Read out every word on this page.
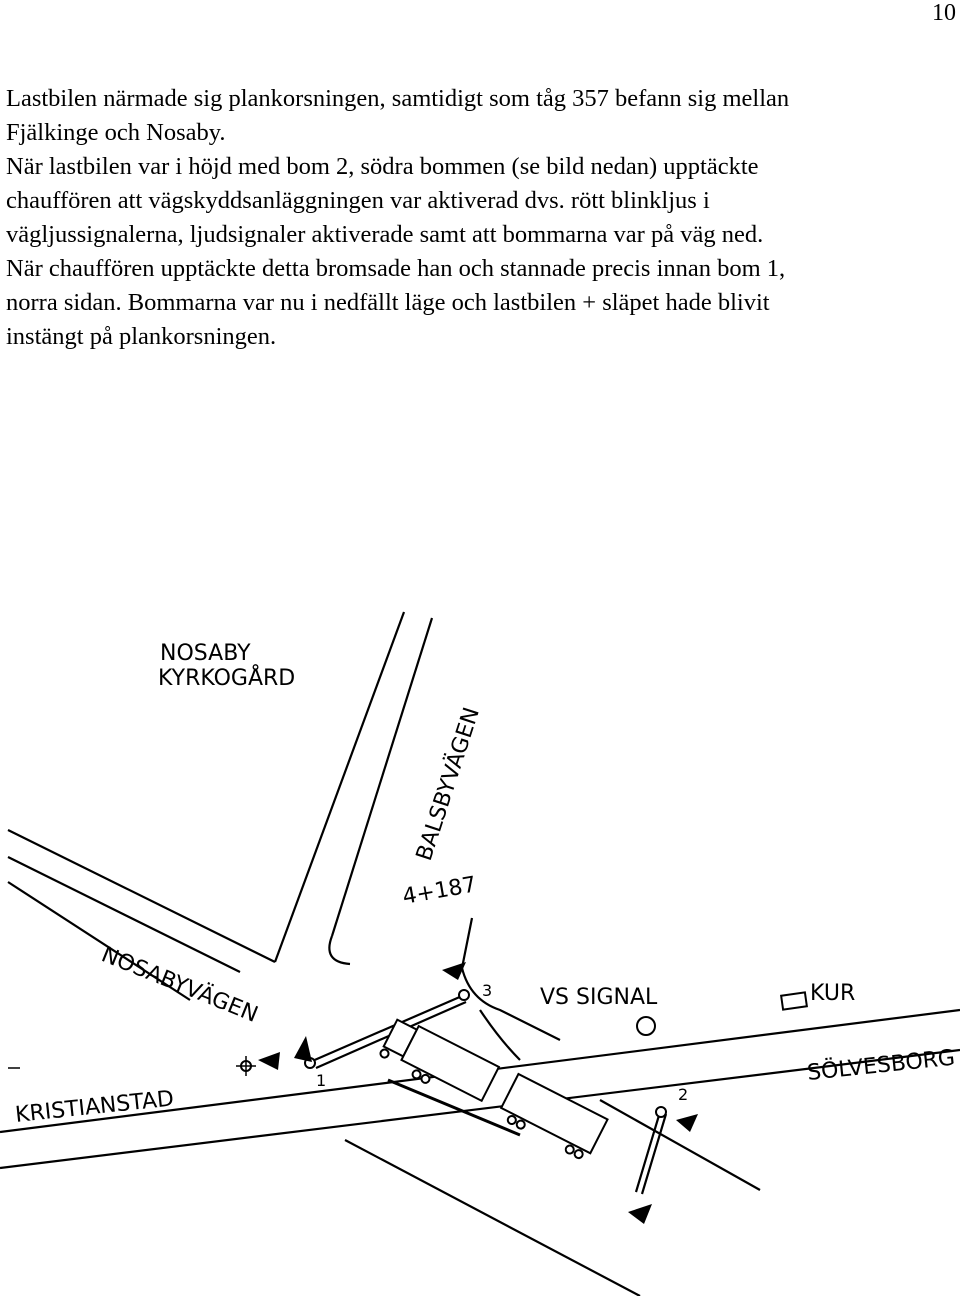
10
Lastbilen närmade sig plankorsningen, samtidigt som tåg 357 befann sig mellan
Fjälkinge och Nosaby.
När lastbilen var i höjd med bom 2, södra bommen (se bild nedan) upptäckte
chauffören att vägskyddsanläggningen var aktiverad dvs. rött blinkljus i
vägljussignalerna, ljudsignaler aktiverade samt att bommarna var på väg ned.
När chauffören upptäckte detta bromsade han och stannade precis innan bom 1,
norra sidan. Bommarna var nu i nedfällt läge och lastbilen + släpet hade blivit
instängt på plankorsningen.
NOSABY
KYRKOGÅRD
BALSBYVÄGEN
4+187
NOSABYVÄGEN	3 VS SIGNAL	KUR
SÖLVESBORG
1
2
KRISTIANSTAD
